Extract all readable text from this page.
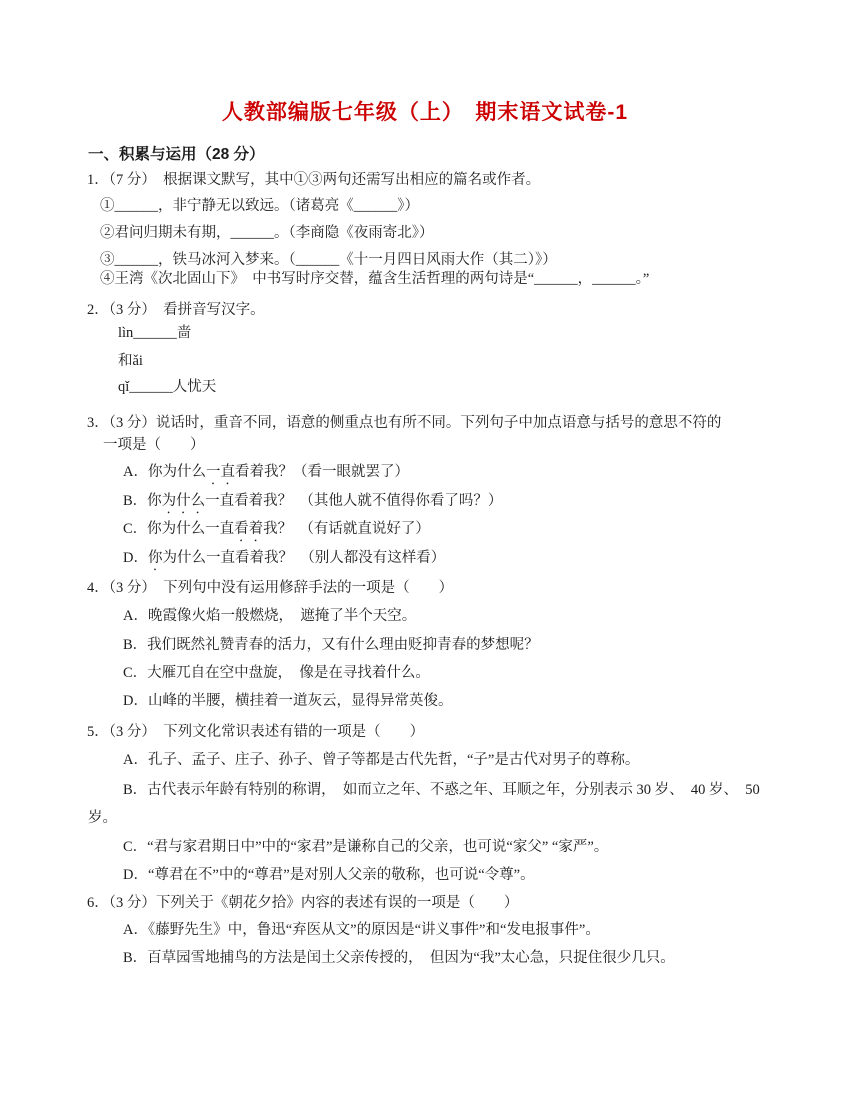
人教部编版七年级（上）　期末语文试卷-1
一、积累与运用（28 分）
1．（7 分）　根据课文默写，其中①③两句还需写出相应的篇名或作者。
①______，非宁静无以致远。（诸葛亮《______》）
②君问归期未有期，______。（李商隐《夜雨寄北》）
③______，铁马冰河入梦来。（______《十一月四日风雨大作（其二）》）
④王湾《次北固山下》　中书写时序交替，蕴含生活哲理的两句诗是“______，______。”
2．（3 分）　看拼音写汉字。
lìn______啬
和ǎi
qǐ______人忧天
3．（3 分）说话时，重音不同，语意的侧重点也有所不同。下列句子中加点语意与括号的意思不符的
一项是（　　）
A．你为什么一直看着我？（看一眼就罢了）
B．你为什么一直看着我？　（其他人就不值得你看了吗？）
C．你为什么一直看着我？　（有话就直说好了）
D．你为什么一直看着我？　（别人都没有这样看）
4．（3 分）　下列句中没有运用修辞手法的一项是（　　）
A．晚霞像火焰一般燃烧，　遮掩了半个天空。
B．我们既然礼赞青春的活力，又有什么理由贬抑青春的梦想呢？
C．大雁兀自在空中盘旋，　像是在寻找着什么。
D．山峰的半腰，横挂着一道灰云，显得异常英俊。
5．（3 分）　下列文化常识表述有错的一项是（　　）
A．孔子、孟子、庄子、孙子、曾子等都是古代先哲，“子”是古代对男子的尊称。
B．古代表示年龄有特别的称谓，　如而立之年、不惑之年、耳顺之年，分别表示 30 岁、　40 岁、　50
岁。
C．“君与家君期日中”中的“家君”是谦称自己的父亲，也可说“家父” “家严”。
D．“尊君在不”中的“尊君”是对别人父亲的敬称，也可说“令尊”。
6．（3 分）下列关于《朝花夕拾》内容的表述有误的一项是（　　）
A．《藤野先生》中，鲁迅“弃医从文”的原因是“讲义事件”和“发电报事件”。
B．百草园雪地捕鸟的方法是闰土父亲传授的，　但因为“我”太心急，只捉住很少几只。
